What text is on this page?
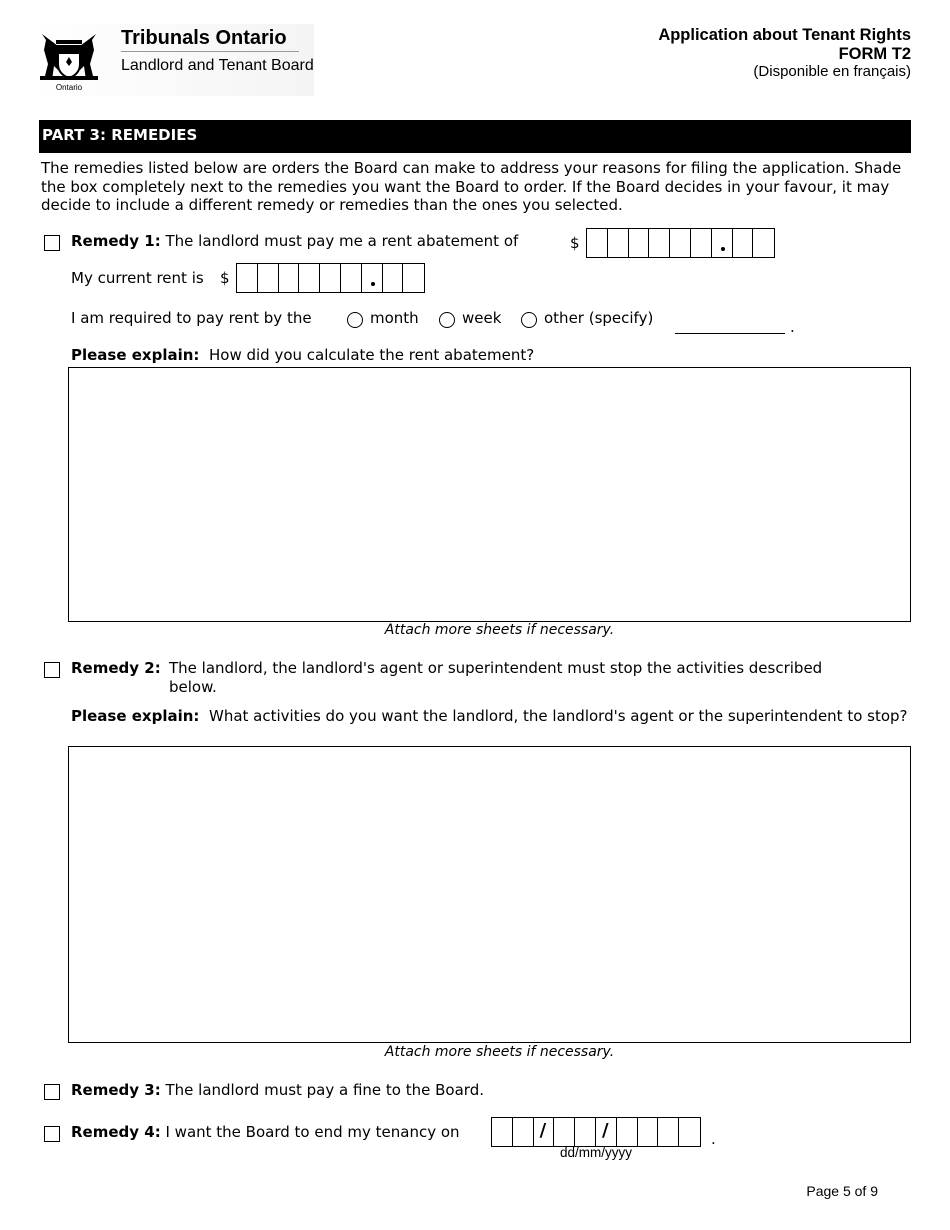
Ontario
Tribunals Ontario
Landlord and Tenant Board
Application about Tenant Rights
FORM T2
(Disponible en français)
PART 3: REMEDIES
The remedies listed below are orders the Board can make to address your reasons for filing the application. Shade the box completely next to the remedies you want the Board to order. If the Board decides in your favour, it may decide to include a different remedy or remedies than the ones you selected.
Remedy 1: The landlord must pay me a rent abatement of	$
My current rent is $
I am required to pay rent by the	month	week	other (specify)	.
Please explain: How did you calculate the rent abatement?
Attach more sheets if necessary.
Remedy 2: The landlord, the landlord's agent or superintendent must stop the activities described below.
Please explain: What activities do you want the landlord, the landlord's agent or the superintendent to stop?
Attach more sheets if necessary.
Remedy 3: The landlord must pay a fine to the Board.
Remedy 4: I want the Board to end my tenancy on / /	.
dd/mm/yyyy
Page 5 of 9
